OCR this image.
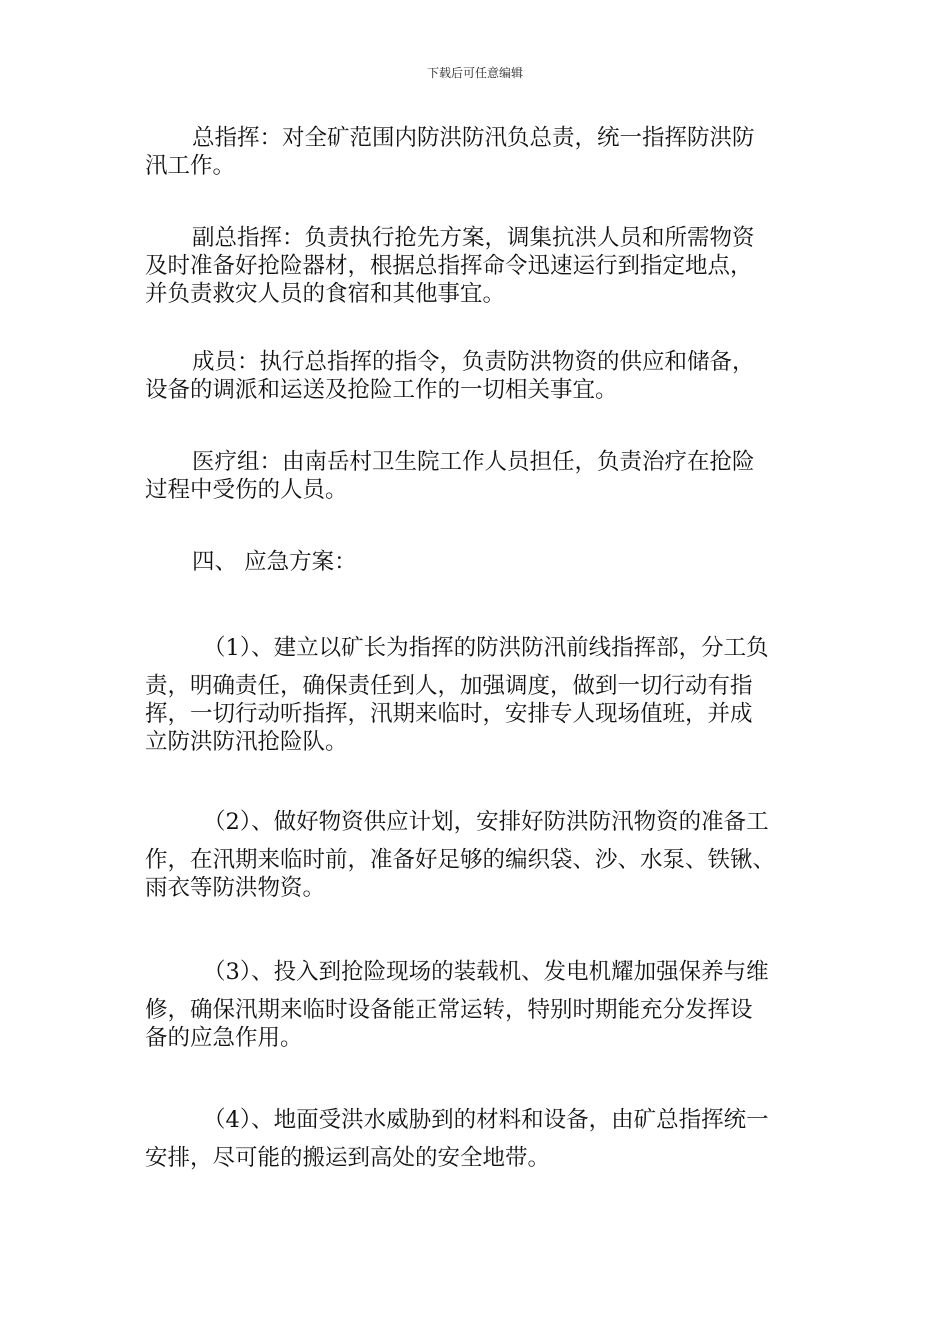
下载后可任意编辑
总指挥：对全矿范围内防洪防汛负总责，统一指挥防洪防
汛工作。
副总指挥：负责执行抢先方案，调集抗洪人员和所需物资
及时准备好抢险器材，根据总指挥命令迅速运行到指定地点，
并负责救灾人员的食宿和其他事宜。
成员：执行总指挥的指令，负责防洪物资的供应和储备，
设备的调派和运送及抢险工作的一切相关事宜。
医疗组：由南岳村卫生院工作人员担任，负责治疗在抢险
过程中受伤的人员。
四、 应急方案：
（1）、建立以矿长为指挥的防洪防汛前线指挥部，分工负
责，明确责任，确保责任到人，加强调度，做到一切行动有指
挥，一切行动听指挥，汛期来临时，安排专人现场值班，并成
立防洪防汛抢险队。
（2）、做好物资供应计划，安排好防洪防汛物资的准备工
作，在汛期来临时前，准备好足够的编织袋、沙、水泵、铁锹、
雨衣等防洪物资。
（3）、投入到抢险现场的装载机、发电机耀加强保养与维
修，确保汛期来临时设备能正常运转，特别时期能充分发挥设
备的应急作用。
（4）、地面受洪水威胁到的材料和设备，由矿总指挥统一
安排，尽可能的搬运到高处的安全地带。
